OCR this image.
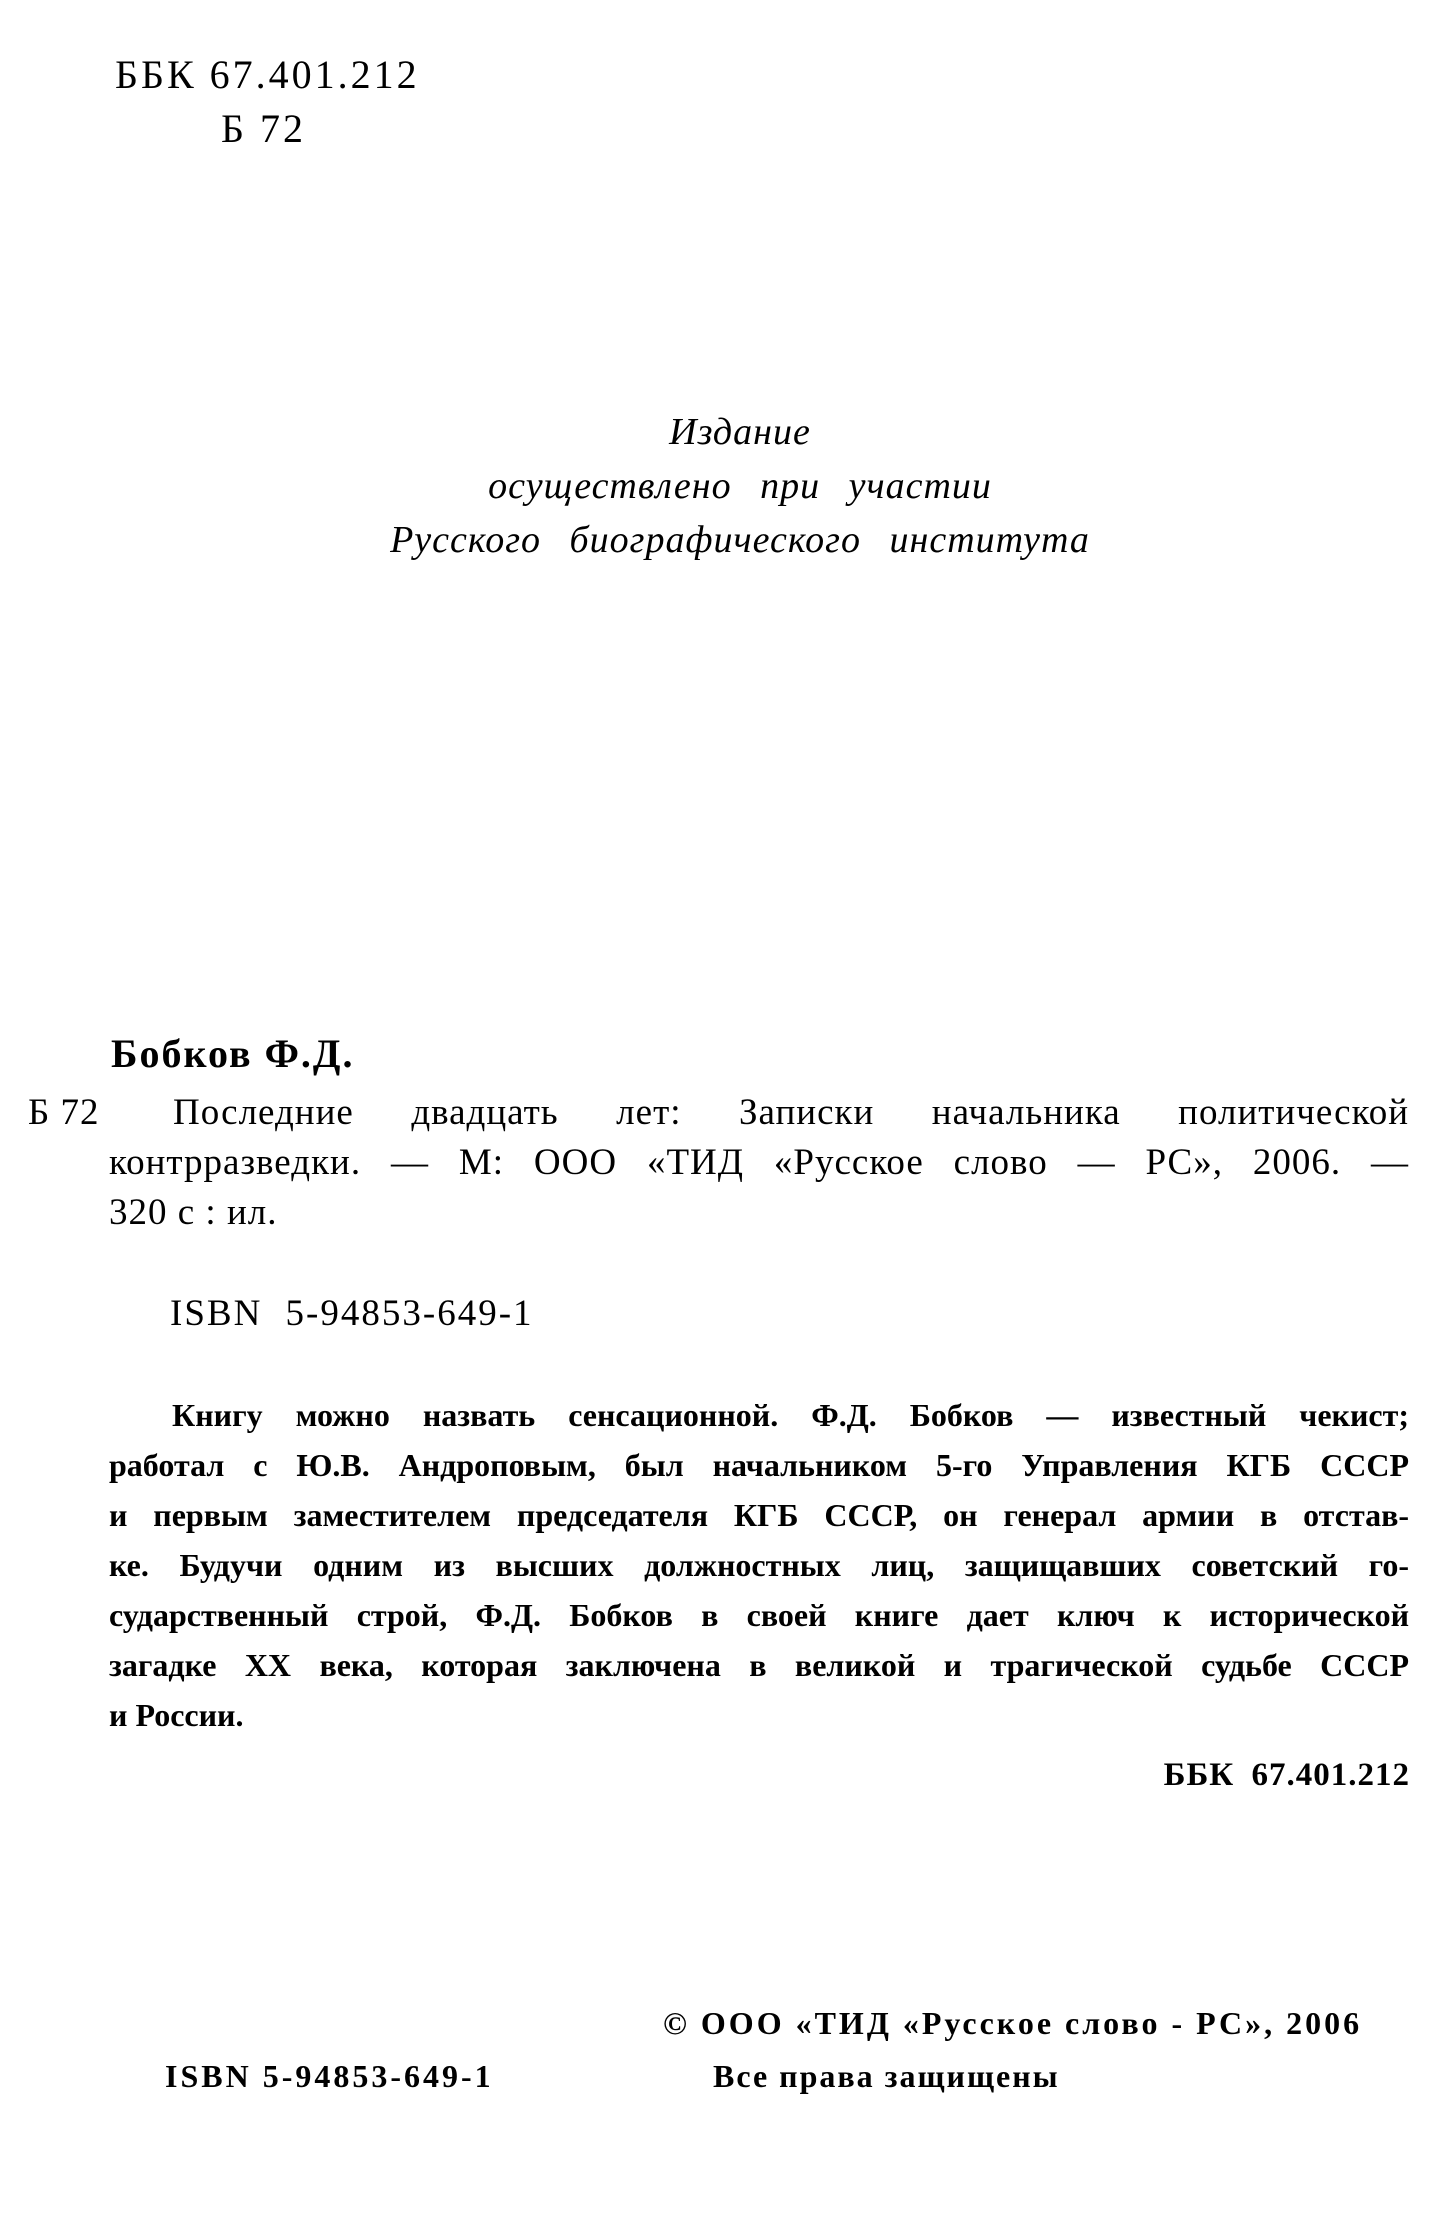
ББК 67.401.212
Б 72
Издание
осуществлено при участии
Русского биографического института
Бобков Ф.Д.
Б 72	Последние двадцать лет: Записки начальника политической
контрразведки. — М: ООО «ТИД «Русское слово — РС», 2006. —
320 с : ил.
ISBN 5-94853-649-1
Книгу можно назвать сенсационной. Ф.Д. Бобков — известный чекист;
работал с Ю.В. Андроповым, был начальником 5-го Управления КГБ СССР
и первым заместителем председателя КГБ СССР, он генерал армии в отстав-
ке. Будучи одним из высших должностных лиц, защищавших советский го-
сударственный строй, Ф.Д. Бобков в своей книге дает ключ к исторической
загадке XX века, которая заключена в великой и трагической судьбе СССР
и России.
ББК 67.401.212
© ООО «ТИД «Русское слово - РС», 2006
ISBN 5-94853-649-1	Все права защищены
